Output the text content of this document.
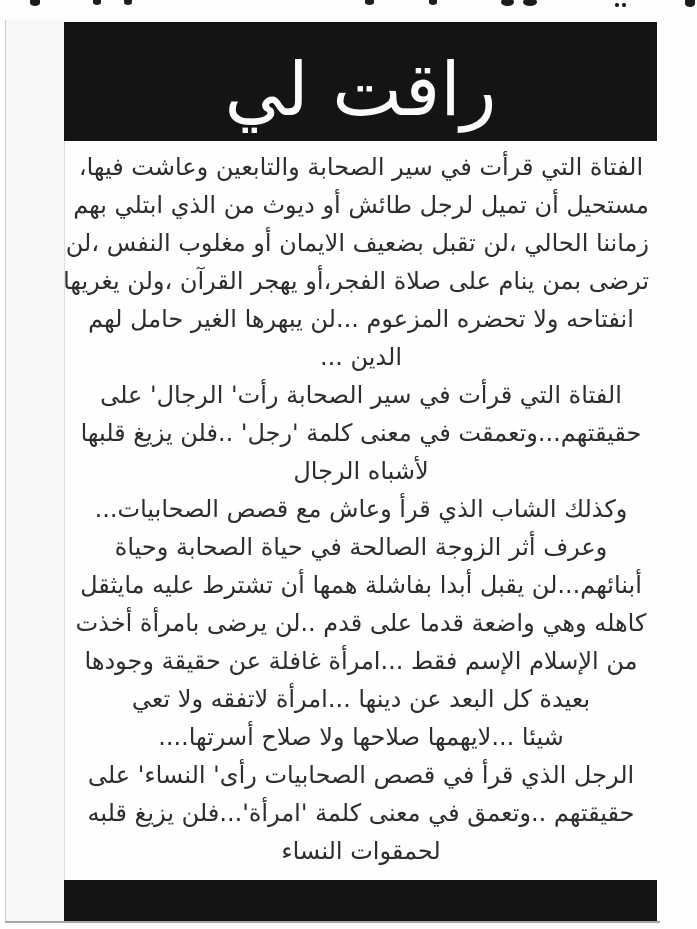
راقت لي
الفتاة التي قرأت في سير الصحابة والتابعين وعاشت فيها،
مستحيل أن تميل لرجل طائش أو ديوث من الذي ابتلي بهم
زماننا الحالي ،لن تقبل بضعيف الايمان أو مغلوب النفس ،لن
ترضى بمن ينام على صلاة الفجر،أو يهجر القرآن ،ولن يغريها
انفتاحه ولا تحضره المزعوم ...لن يبهرها الغير حامل لهم
الدين ...
الفتاة التي قرأت في سير الصحابة رأت' الرجال' على
حقيقتهم...وتعمقت في معنى كلمة 'رجل' ..فلن يزيغ قلبها
لأشباه الرجال
وكذلك الشاب الذي قرأ وعاش مع قصص الصحابيات...
وعرف أثر الزوجة الصالحة في حياة الصحابة وحياة
أبنائهم...لن يقبل أبدا بفاشلة همها أن تشترط عليه مايثقل
كاهله وهي واضعة قدما على قدم ..لن يرضى بامرأة أخذت
من الإسلام الإسم فقط ...امرأة غافلة عن حقيقة وجودها
بعيدة كل البعد عن دينها ...امرأة لاتفقه ولا تعي
شيئا ...لايهمها صلاحها ولا صلاح أسرتها....
الرجل الذي قرأ في قصص الصحابيات رأى' النساء' على
حقيقتهم ..وتعمق في معنى كلمة 'امرأة'...فلن يزيغ قلبه
لحمقوات النساء
